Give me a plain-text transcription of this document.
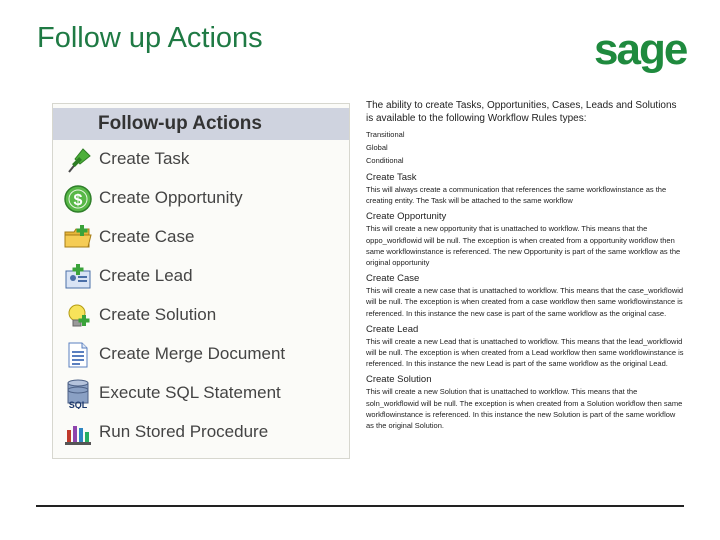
Follow up Actions	sage
Follow-up Actions
Create Task
$ Create Opportunity
Create Case
Create Lead
Create Solution
Create Merge Document
SQL
Execute SQL Statement
Run Stored Procedure

The ability to create Tasks, Opportunities, Cases, Leads and Solutions is available to the following Workflow Rules types:

Transitional

Global

Conditional

Create Task

This will always create a communication that references the same workflowinstance as the creating entity. The Task will be attached to the same workflow

Create Opportunity

This will create a new opportunity that is unattached to workflow. This means that the oppo_workflowid will be null. The exception is when created from a opportunity workflow then same workflowinstance is referenced. The new Opportunity is part of the same workflow as the original opportunity

Create Case

This will create a new case that is unattached to workflow. This means that the case_workflowid will be null. The exception is when created from a case workflow then same workflowinstance is referenced. In this instance the new case is part of the same workflow as the original case.

Create Lead

This will create a new Lead that is unattached to workflow. This means that the lead_workflowid will be null. The exception is when created from a Lead workflow then same workflowinstance is referenced. In this instance the new Lead is part of the same workflow as the original Lead.

Create Solution

This will create a new Solution that is unattached to workflow. This means that the soln_workflowid will be null. The exception is when created from a Solution workflow then same workflowinstance is referenced. In this instance the new Solution is part of the same workflow as the original Solution.
